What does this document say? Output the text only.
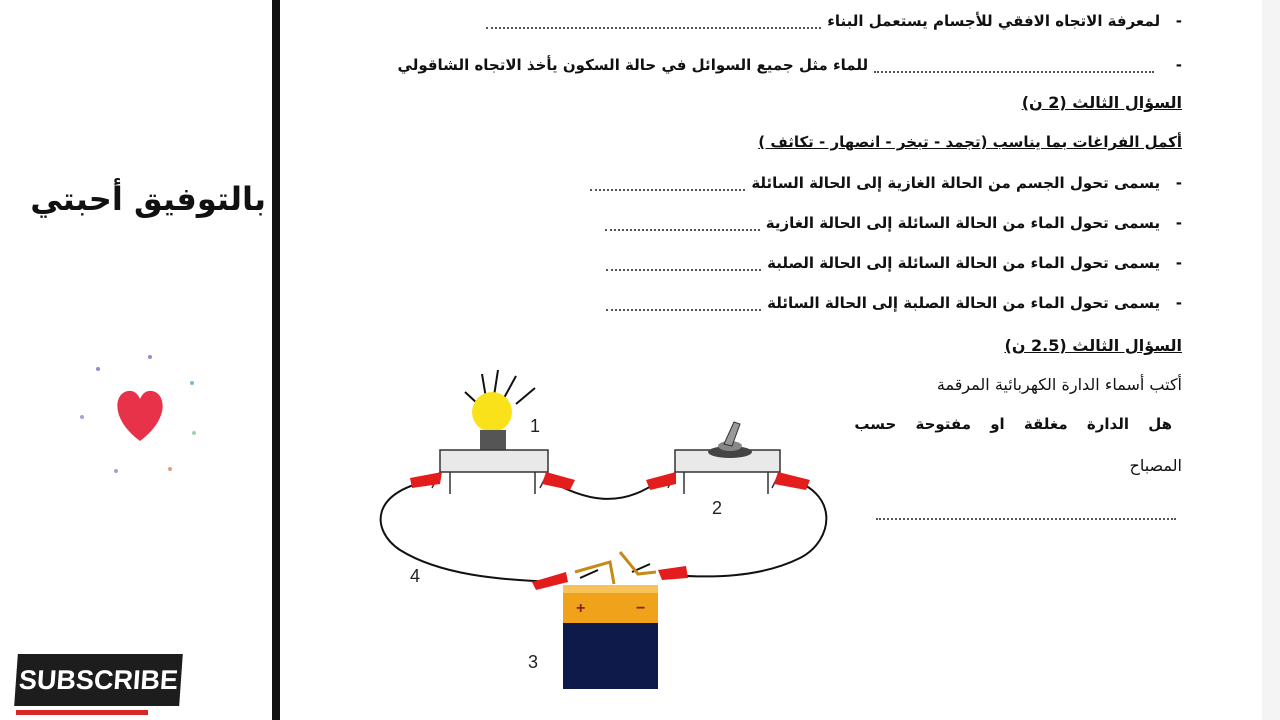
بالتوفيق أحبتي
SUBSCRIBE
-   لمعرفة الاتجاه الافقي للأجسام يستعمل البناء
-   للماء مثل جميع السوائل في حالة السكون يأخذ الاتجاه الشاقولي
السؤال الثالث (2 ن)
أكمل الفراغات بما يناسب (تجمد - تبخر - انصهار - تكاثف )
-   يسمى تحول الجسم من الحالة الغازية إلى الحالة السائلة
-   يسمى تحول الماء من الحالة السائلة إلى الحالة الغازية
-   يسمى تحول الماء من الحالة السائلة إلى الحالة الصلبة
-   يسمى تحول الماء من الحالة الصلبة إلى الحالة السائلة
السؤال الثالث (2.5 ن)
أكتب أسماء الدارة الكهربائية المرقمة
هل الدارة مغلقة او مفتوحة حسب
المصباح
+	−
1
2
3
4
